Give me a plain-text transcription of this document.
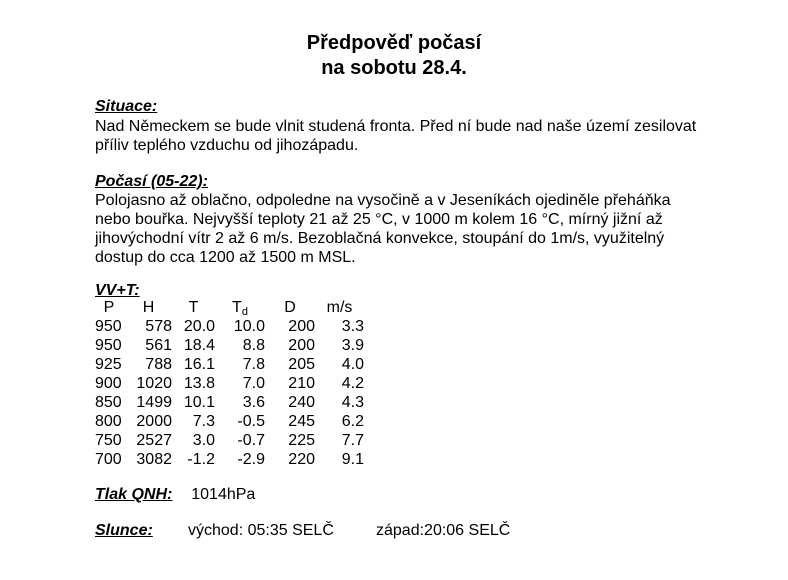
Předpověď počasí
na sobotu 28.4.
Situace:
Nad Německem se bude vlnit studená fronta. Před ní bude nad naše území zesilovat
příliv teplého vzduchu od jihozápadu.
Počasí (05-22):
Polojasno až oblačno, odpoledne na vysočině a v Jeseníkách ojediněle přeháňka
nebo bouřka. Nejvyšší teploty 21 až 25 °C, v 1000 m kolem 16 °C, mírný jižní až
jihovýchodní vítr 2 až 6 m/s. Bezoblačná konvekce, stoupání do 1m/s, využitelný
dostup do cca 1200 až 1500 m MSL.
VV+T:
P	H	T	$T_d$	D	m/s
950	578	20.0	10.0	200	3.3
950	561	18.4	8.8	200	3.9
925	788	16.1	7.8	205	4.0
900	1020	13.8	7.0	210	4.2
850	1499	10.1	3.6	240	4.3
800	2000	7.3	-0.5	245	6.2
750	2527	3.0	-0.7	225	7.7
700	3082	-1.2	-2.9	220	9.1
Tlak QNH: 1014hPa
Slunce: východ: 05:35 SELČ	západ:20:06 SELČ
